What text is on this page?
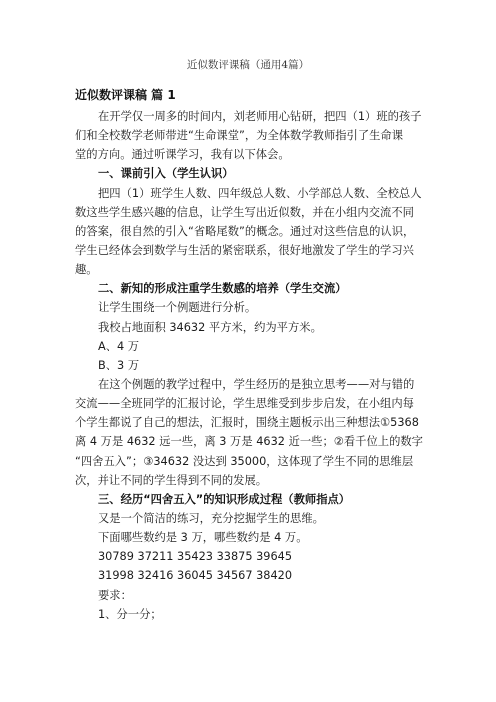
近似数评课稿（通用4篇）
近似数评课稿 篇 1
在开学仅一周多的时间内，刘老师用心钻研，把四（1）班的孩子
们和全校数学老师带进“生命课堂”，为全体数学教师指引了生命课
堂的方向。通过听课学习，我有以下体会。
一、课前引入（学生认识）
把四（1）班学生人数、四年级总人数、小学部总人数、全校总人
数这些学生感兴趣的信息，让学生写出近似数，并在小组内交流不同
的答案，很自然的引入“省略尾数”的概念。通过对这些信息的认识，
学生已经体会到数学与生活的紧密联系，很好地激发了学生的学习兴
趣。
二、新知的形成注重学生数感的培养（学生交流）
让学生围绕一个例题进行分析。
我校占地面积 34632 平方米，约为平方米。
A、4 万
B、3 万
在这个例题的教学过程中，学生经历的是独立思考——对与错的
交流——全班同学的汇报讨论，学生思维受到步步启发，在小组内每
个学生都说了自己的想法，汇报时，围绕主题板示出三种想法①5368
离 4 万是 4632 远一些，离 3 万是 4632 近一些；②看千位上的数字
“四舍五入”；③34632 没达到 35000，这体现了学生不同的思维层
次，并让不同的学生得到不同的发展。
三、经历“四舍五入”的知识形成过程（教师指点）
又是一个简洁的练习，充分挖掘学生的思维。
下面哪些数约是 3 万，哪些数约是 4 万。
30789 37211 35423 33875 39645
31998 32416 36045 34567 38420
要求：
1、分一分；
